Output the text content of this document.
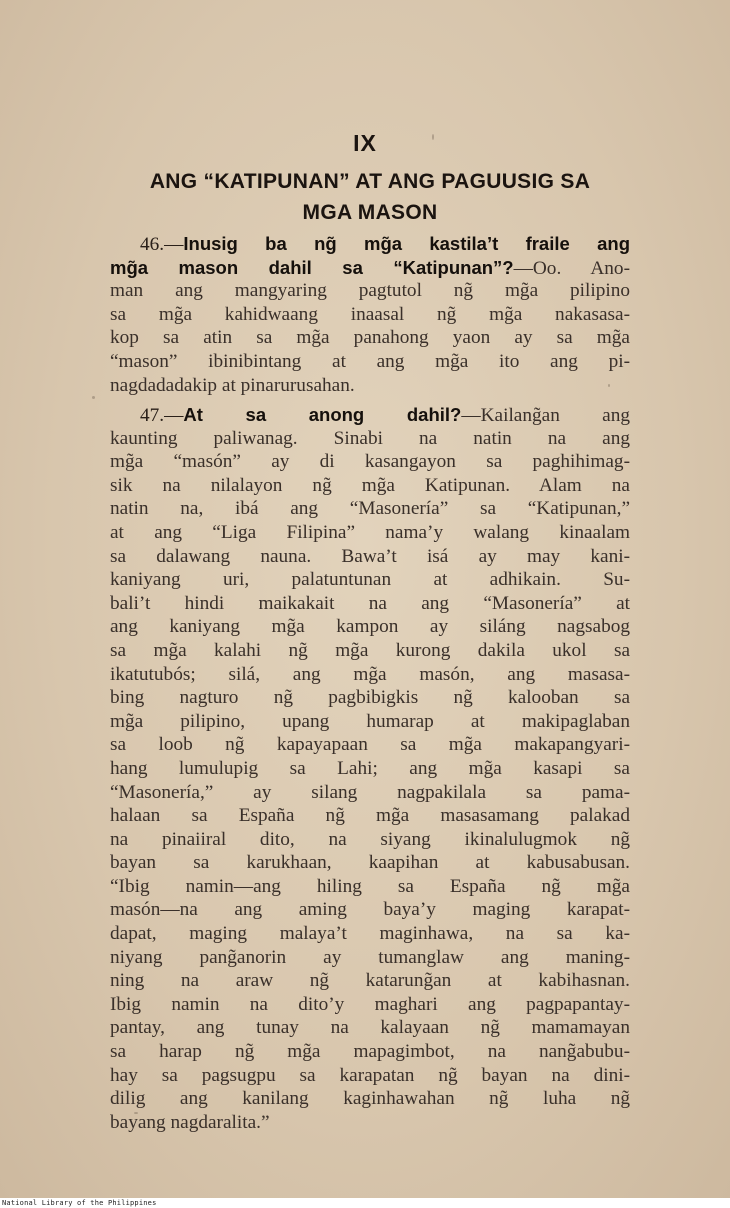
IX
ANG “KATIPUNAN” AT ANG PAGUUSIG SA
MGA MASON
46.—Inusig ba ng̃ mg̃a kastila’t fraile ang
mg̃a mason dahil sa “Katipunan”?—Oo. Ano-
man ang mangyaring pagtutol ng̃ mg̃a pilipino
sa mg̃a kahidwaang inaasal ng̃ mg̃a nakasasa-
kop sa atin sa mg̃a panahong yaon ay sa mg̃a
“mason” ibinibintang at ang mg̃a ito ang pi-
nagdadadakip at pinarurusahan.
47.—At sa anong dahil?—Kailang̃an ang
kaunting paliwanag. Sinabi na natin na ang
mg̃a “masón” ay di kasangayon sa paghihimag-
sik na nilalayon ng̃ mg̃a Katipunan. Alam na
natin na, ibá ang “Masonería” sa “Katipunan,”
at ang “Liga Filipina” nama’y walang kinaalam
sa dalawang nauna. Bawa’t isá ay may kani-
kaniyang uri, palatuntunan at adhikain. Su-
bali’t hindi maikakait na ang “Masonería” at
ang kaniyang mg̃a kampon ay siláng nagsabog
sa mg̃a kalahi ng̃ mg̃a kurong dakila ukol sa
ikatutubós; silá, ang mg̃a masón, ang masasa-
bing nagturo ng̃ pagbibigkis ng̃ kalooban sa
mg̃a pilipino, upang humarap at makipaglaban
sa loob ng̃ kapayapaan sa mg̃a makapangyari-
hang lumulupig sa Lahi; ang mg̃a kasapi sa
“Masonería,” ay silang nagpakilala sa pama-
halaan sa España ng̃ mg̃a masasamang palakad
na pinaiiral dito, na siyang ikinalulugmok ng̃
bayan sa karukhaan, kaapihan at kabusabusan.
“Ibig namin—ang hiling sa España ng̃ mg̃a
masón—na ang aming baya’y maging karapat-
dapat, maging malaya’t maginhawa, na sa ka-
niyang pang̃anorin ay tumanglaw ang maning-
ning na araw ng̃ katarung̃an at kabihasnan.
Ibig namin na dito’y maghari ang pagpapantay-
pantay, ang tunay na kalayaan ng̃ mamamayan
sa harap ng̃ mg̃a mapagimbot, na nang̃abubu-
hay sa pagsugpu sa karapatan ng̃ bayan na dini-
dilig ang kanilang kaginhawahan ng̃ luha ng̃
bayang nagdaralita.”
National Library of the Philippines
